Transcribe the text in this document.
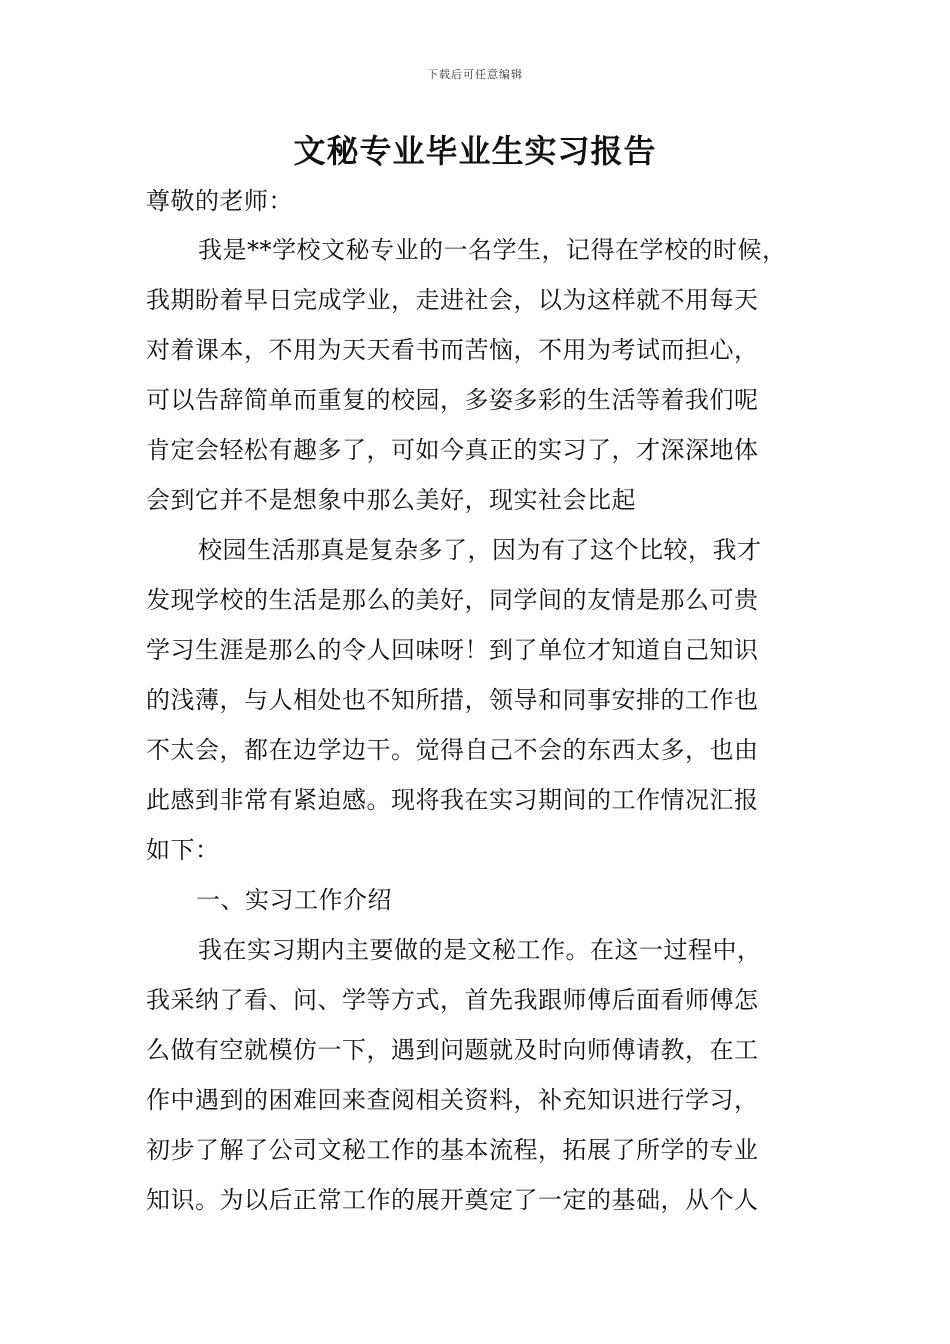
下载后可任意编辑
文秘专业毕业生实习报告
尊敬的老师：
我是**学校文秘专业的一名学生，记得在学校的时候，
我期盼着早日完成学业，走进社会，以为这样就不用每天
对着课本，不用为天天看书而苦恼，不用为考试而担心，
可以告辞简单而重复的校园，多姿多彩的生活等着我们呢
肯定会轻松有趣多了，可如今真正的实习了，才深深地体
会到它并不是想象中那么美好，现实社会比起
校园生活那真是复杂多了，因为有了这个比较，我才
发现学校的生活是那么的美好，同学间的友情是那么可贵
学习生涯是那么的令人回味呀！到了单位才知道自己知识
的浅薄，与人相处也不知所措，领导和同事安排的工作也
不太会，都在边学边干。觉得自己不会的东西太多，也由
此感到非常有紧迫感。现将我在实习期间的工作情况汇报
如下：
一、实习工作介绍
我在实习期内主要做的是文秘工作。在这一过程中，
我采纳了看、问、学等方式，首先我跟师傅后面看师傅怎
么做有空就模仿一下，遇到问题就及时向师傅请教，在工
作中遇到的困难回来查阅相关资料，补充知识进行学习，
初步了解了公司文秘工作的基本流程，拓展了所学的专业
知识。为以后正常工作的展开奠定了一定的基础，从个人
